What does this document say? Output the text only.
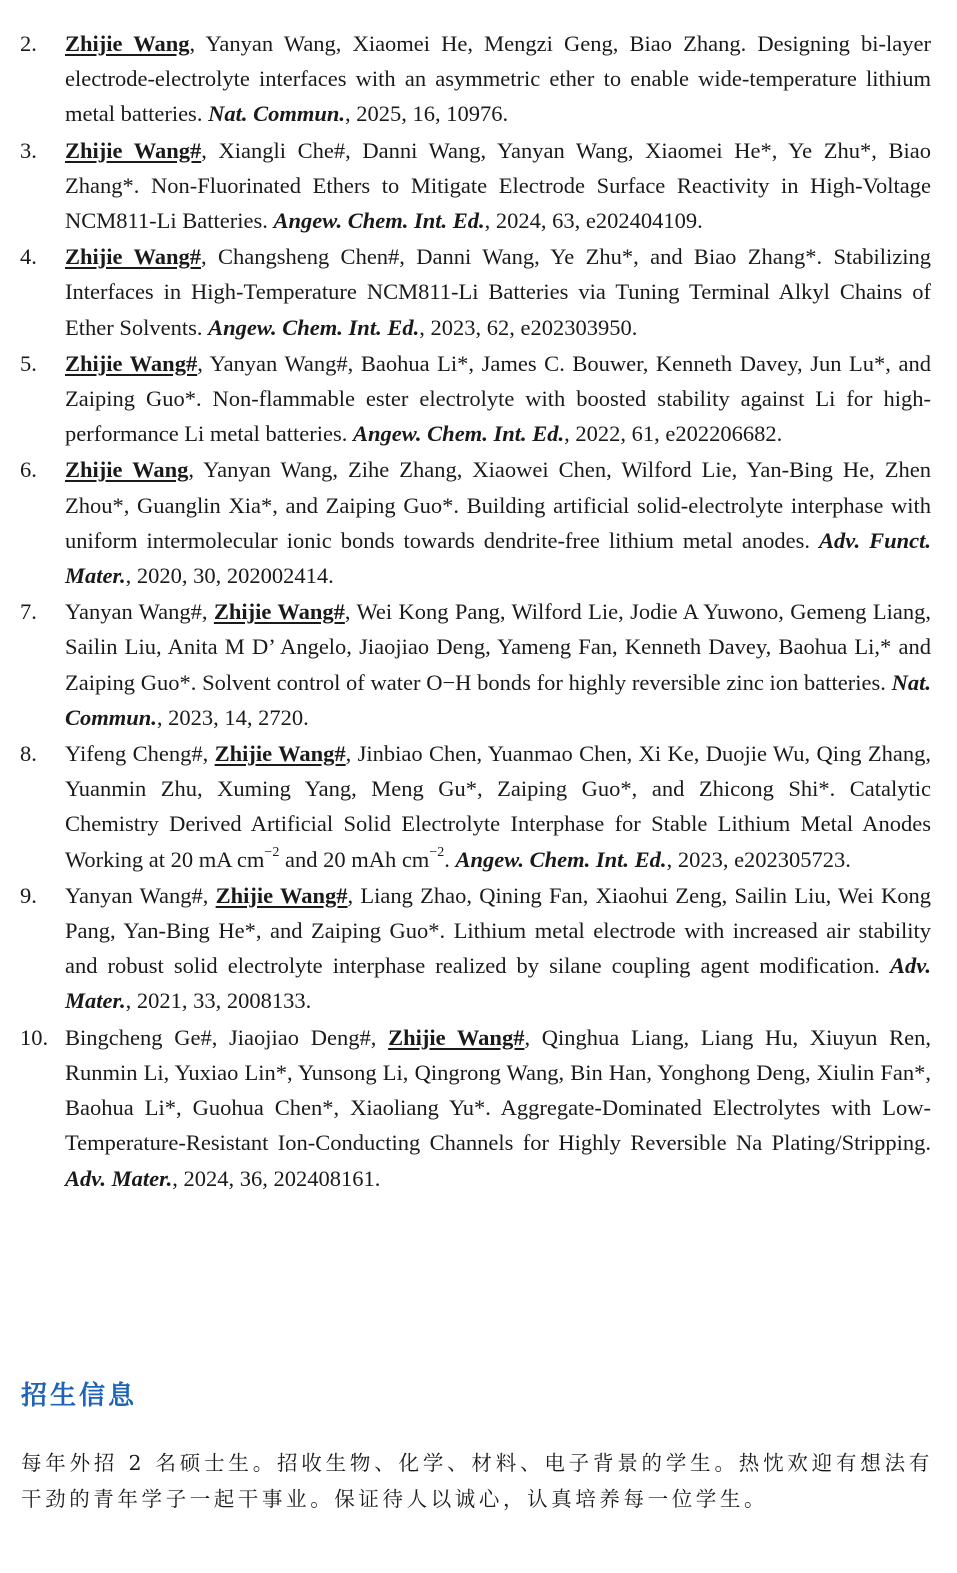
2. Zhijie Wang, Yanyan Wang, Xiaomei He, Mengzi Geng, Biao Zhang. Designing bi-layer electrode-electrolyte interfaces with an asymmetric ether to enable wide-temperature lithium metal batteries. Nat. Commun., 2025, 16, 10976.
3. Zhijie Wang#, Xiangli Che#, Danni Wang, Yanyan Wang, Xiaomei He*, Ye Zhu*, Biao Zhang*. Non-Fluorinated Ethers to Mitigate Electrode Surface Reactivity in High-Voltage NCM811-Li Batteries. Angew. Chem. Int. Ed., 2024, 63, e202404109.
4. Zhijie Wang#, Changsheng Chen#, Danni Wang, Ye Zhu*, and Biao Zhang*. Stabilizing Interfaces in High-Temperature NCM811-Li Batteries via Tuning Terminal Alkyl Chains of Ether Solvents. Angew. Chem. Int. Ed., 2023, 62, e202303950.
5. Zhijie Wang#, Yanyan Wang#, Baohua Li*, James C. Bouwer, Kenneth Davey, Jun Lu*, and Zaiping Guo*. Non-flammable ester electrolyte with boosted stability against Li for high-performance Li metal batteries. Angew. Chem. Int. Ed., 2022, 61, e202206682.
6. Zhijie Wang, Yanyan Wang, Zihe Zhang, Xiaowei Chen, Wilford Lie, Yan-Bing He, Zhen Zhou*, Guanglin Xia*, and Zaiping Guo*. Building artificial solid-electrolyte interphase with uniform intermolecular ionic bonds towards dendrite-free lithium metal anodes. Adv. Funct. Mater., 2020, 30, 202002414.
7. Yanyan Wang#, Zhijie Wang#, Wei Kong Pang, Wilford Lie, Jodie A Yuwono, Gemeng Liang, Sailin Liu, Anita M D’ Angelo, Jiaojiao Deng, Yameng Fan, Kenneth Davey, Baohua Li,* and Zaiping Guo*. Solvent control of water O−H bonds for highly reversible zinc ion batteries. Nat. Commun., 2023, 14, 2720.
8. Yifeng Cheng#, Zhijie Wang#, Jinbiao Chen, Yuanmao Chen, Xi Ke, Duojie Wu, Qing Zhang, Yuanmin Zhu, Xuming Yang, Meng Gu*, Zaiping Guo*, and Zhicong Shi*. Catalytic Chemistry Derived Artificial Solid Electrolyte Interphase for Stable Lithium Metal Anodes Working at 20 mA $cm^{-2}$ and 20 mAh $cm^{-2}$. Angew. Chem. Int. Ed., 2023, e202305723.
9. Yanyan Wang#, Zhijie Wang#, Liang Zhao, Qining Fan, Xiaohui Zeng, Sailin Liu, Wei Kong Pang, Yan-Bing He*, and Zaiping Guo*. Lithium metal electrode with increased air stability and robust solid electrolyte interphase realized by silane coupling agent modification. Adv. Mater., 2021, 33, 2008133.
10. Bingcheng Ge#, Jiaojiao Deng#, Zhijie Wang#, Qinghua Liang, Liang Hu, Xiuyun Ren, Runmin Li, Yuxiao Lin*, Yunsong Li, Qingrong Wang, Bin Han, Yonghong Deng, Xiulin Fan*, Baohua Li*, Guohua Chen*, Xiaoliang Yu*. Aggregate-Dominated Electrolytes with Low-Temperature-Resistant Ion-Conducting Channels for Highly Reversible Na Plating/Stripping. Adv. Mater., 2024, 36, 202408161.
招生信息

每年外招 2 名硕士生。招收生物、化学、材料、电子背景的学生。热忱欢迎有想法有干劲的青年学子一起干事业。保证待人以诚心，认真培养每一位学生。
